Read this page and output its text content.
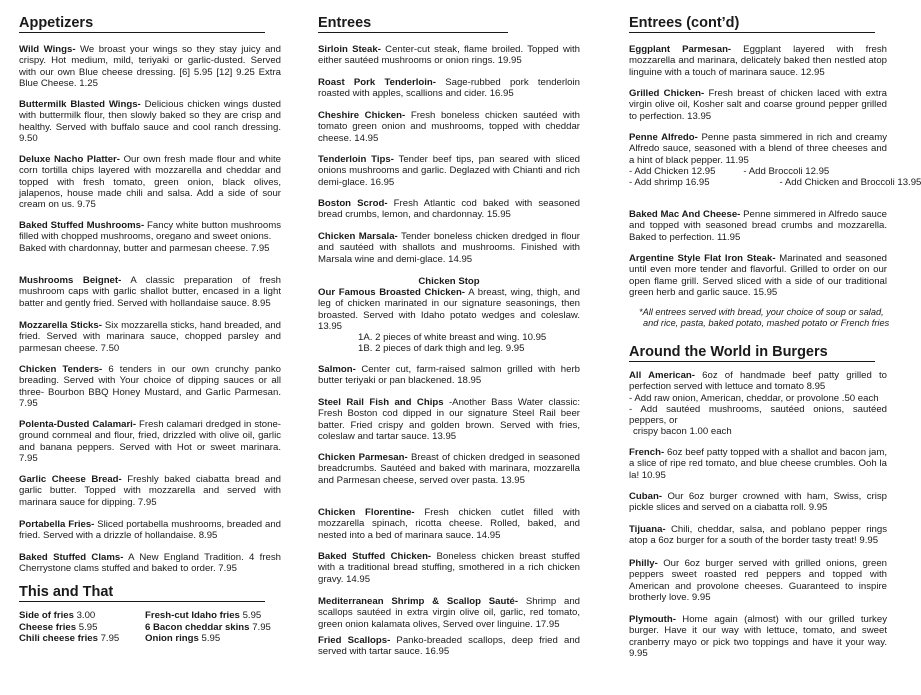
Appetizers
Wild Wings- We broast your wings so they stay juicy and crispy. Hot medium, mild, teriyaki or garlic-dusted. Served with our own Blue cheese dressing. [6] 5.95 [12] 9.25 Extra Blue Cheese. 1.25
Buttermilk Blasted Wings- Delicious chicken wings dusted with buttermilk flour, then slowly baked so they are crisp and healthy. Served with buffalo sauce and cool ranch dressing. 9.50
Deluxe Nacho Platter- Our own fresh made flour and white corn tortilla chips layered with mozzarella and cheddar and topped with fresh tomato, green onion, black olives, jalapenos, house made chili and salsa. Add a side of sour cream on us. 9.75
Baked Stuffed Mushrooms- Fancy white button mushrooms filled with chopped mushrooms, oregano and sweet onions.
Baked with chardonnay, butter and parmesan cheese. 7.95
Mushrooms Beignet- A classic preparation of fresh mushroom caps with garlic shallot butter, encased in a light batter and gently fried. Served with hollandaise sauce. 8.95
Mozzarella Sticks- Six mozzarella sticks, hand breaded, and fried. Served with marinara sauce, chopped parsley and parmesan cheese. 7.50
Chicken Tenders- 6 tenders in our own crunchy panko breading. Served with Your choice of dipping sauces or all three- Bourbon BBQ Honey Mustard, and Garlic Parmesan. 7.95
Polenta-Dusted Calamari- Fresh calamari dredged in stone-ground cornmeal and flour, fried, drizzled with olive oil, garlic and banana peppers. Served with Hot or sweet marinara. 7.95
Garlic Cheese Bread- Freshly baked ciabatta bread and garlic butter. Topped with mozzarella and served with marinara sauce for dipping. 7.95
Portabella Fries- Sliced portabella mushrooms, breaded and fried. Served with a drizzle of hollandaise. 8.95
Baked Stuffed Clams- A New England Tradition. 4 fresh Cherrystone clams stuffed and baked to order. 7.95
This and That
Side of fries 3.00
Cheese fries 5.95
Chili cheese fries 7.95
Fresh-cut Idaho fries 5.95
6 Bacon cheddar skins 7.95
Onion rings 5.95
Entrees
Sirloin Steak- Center-cut steak, flame broiled. Topped with either sautéed mushrooms or onion rings. 19.95
Roast Pork Tenderloin- Sage-rubbed pork tenderloin roasted with apples, scallions and cider. 16.95
Cheshire Chicken- Fresh boneless chicken sautéed with tomato green onion and mushrooms, topped with cheddar cheese. 14.95
Tenderloin Tips- Tender beef tips, pan seared with sliced onions mushrooms and garlic. Deglazed with Chianti and rich demi-glace. 16.95
Boston Scrod- Fresh Atlantic cod baked with seasoned bread crumbs, lemon, and chardonnay. 15.95
Chicken Marsala- Tender boneless chicken dredged in flour and sautéed with shallots and mushrooms. Finished with Marsala wine and demi-glace. 14.95
Chicken Stop
Our Famous Broasted Chicken- A breast, wing, thigh, and leg of chicken marinated in our signature seasonings, then broasted. Served with Idaho potato wedges and coleslaw. 13.95
1A. 2 pieces of white breast and wing. 10.95
1B. 2 pieces of dark thigh and leg. 9.95
Salmon- Center cut, farm-raised salmon grilled with herb butter teriyaki or pan blackened. 18.95
Steel Rail Fish and Chips -Another Bass Water classic: Fresh Boston cod dipped in our signature Steel Rail beer batter. Fried crispy and golden brown. Served with fries, coleslaw and tartar sauce. 13.95
Chicken Parmesan- Breast of chicken dredged in seasoned breadcrumbs. Sautéed and baked with marinara, mozzarella and Parmesan cheese, served over pasta. 13.95
Chicken Florentine- Fresh chicken cutlet filled with mozzarella spinach, ricotta cheese. Rolled, baked, and nested into a bed of marinara sauce. 14.95
Baked Stuffed Chicken- Boneless chicken breast stuffed with a traditional bread stuffing, smothered in a rich chicken gravy. 14.95
Mediterranean Shrimp & Scallop Sauté- Shrimp and scallops sautéed in extra virgin olive oil, garlic, red tomato, green onion kalamata olives, Served over linguine. 17.95
Fried Scallops- Panko-breaded scallops, deep fried and served with tartar sauce. 16.95
Entrees (cont’d)
Eggplant Parmesan- Eggplant layered with fresh mozzarella and marinara, delicately baked then nestled atop linguine with a touch of marinara sauce. 12.95
Grilled Chicken- Fresh breast of chicken laced with extra virgin olive oil, Kosher salt and coarse ground pepper grilled to perfection. 13.95
Penne Alfredo- Penne pasta simmered in rich and creamy Alfredo sauce, seasoned with a blend of three cheeses and a hint of black pepper. 11.95
- Add Chicken 12.95	- Add Broccoli 12.95
- Add shrimp 16.95	- Add Chicken and Broccoli 13.95
Baked Mac And Cheese- Penne simmered in Alfredo sauce and topped with seasoned bread crumbs and mozzarella. Baked to perfection. 11.95
Argentine Style Flat Iron Steak- Marinated and seasoned until even more tender and flavorful. Grilled to order on our open flame grill. Served sliced with a side of our traditional green herb and garlic sauce. 15.95
*All entrees served with bread, your choice of soup or salad, and rice, pasta, baked potato, mashed potato or French fries
Around the World in Burgers
All American- 6oz of handmade beef patty grilled to perfection served with lettuce and tomato 8.95
- Add raw onion, American, cheddar, or provolone .50 each
- Add sautéed mushrooms, sautéed onions, sautéed peppers, or
crispy bacon 1.00 each
French- 6oz beef patty topped with a shallot and bacon jam, a slice of ripe red tomato, and blue cheese crumbles. Ooh la la! 10.95
Cuban- Our 6oz burger crowned with ham, Swiss, crisp pickle slices and served on a ciabatta roll. 9.95
Tijuana- Chili, cheddar, salsa, and poblano pepper rings atop a 6oz burger for a south of the border tasty treat! 9.95
Philly- Our 6oz burger served with grilled onions, green peppers sweet roasted red peppers and topped with American and provolone cheeses. Guaranteed to inspire brotherly love. 9.95
Plymouth- Home again (almost) with our grilled turkey burger. Have it our way with lettuce, tomato, and sweet cranberry mayo or pick two toppings and have it your way. 9.95
